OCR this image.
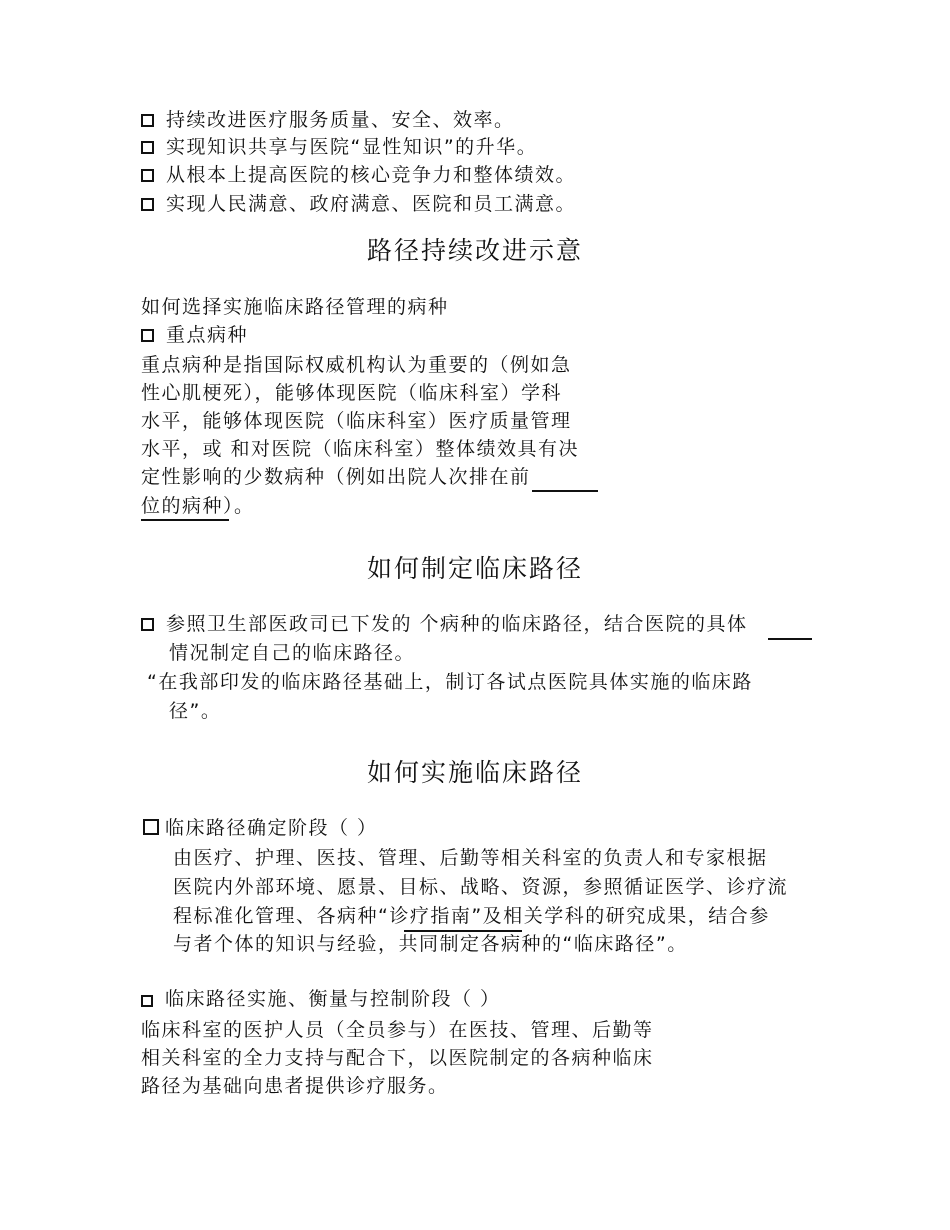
持续改进医疗服务质量、安全、效率。
实现知识共享与医院“显性知识”的升华。
从根本上提高医院的核心竞争力和整体绩效。
实现人民满意、政府满意、医院和员工满意。
路径持续改进示意
如何选择实施临床路径管理的病种
重点病种
重点病种是指国际权威机构认为重要的（例如急
性心肌梗死），能够体现医院（临床科室）学科
水平，能够体现医院（临床科室）医疗质量管理
水平，或 和对医院（临床科室）整体绩效具有决
定性影响的少数病种（例如出院人次排在前
位的病种）。
如何制定临床路径
参照卫生部医政司已下发的 个病种的临床路径，结合医院的具体
情况制定自己的临床路径。
“在我部印发的临床路径基础上，制订各试点医院具体实施的临床路
径”。
如何实施临床路径
临床路径确定阶段（ ）
由医疗、护理、医技、管理、后勤等相关科室的负责人和专家根据
医院内外部环境、愿景、目标、战略、资源，参照循证医学、诊疗流
程标准化管理、各病种“诊疗指南”及相关学科的研究成果，结合参
与者个体的知识与经验，共同制定各病种的“临床路径”。
临床路径实施、衡量与控制阶段（ ）
临床科室的医护人员（全员参与）在医技、管理、后勤等
相关科室的全力支持与配合下，以医院制定的各病种临床
路径为基础向患者提供诊疗服务。
